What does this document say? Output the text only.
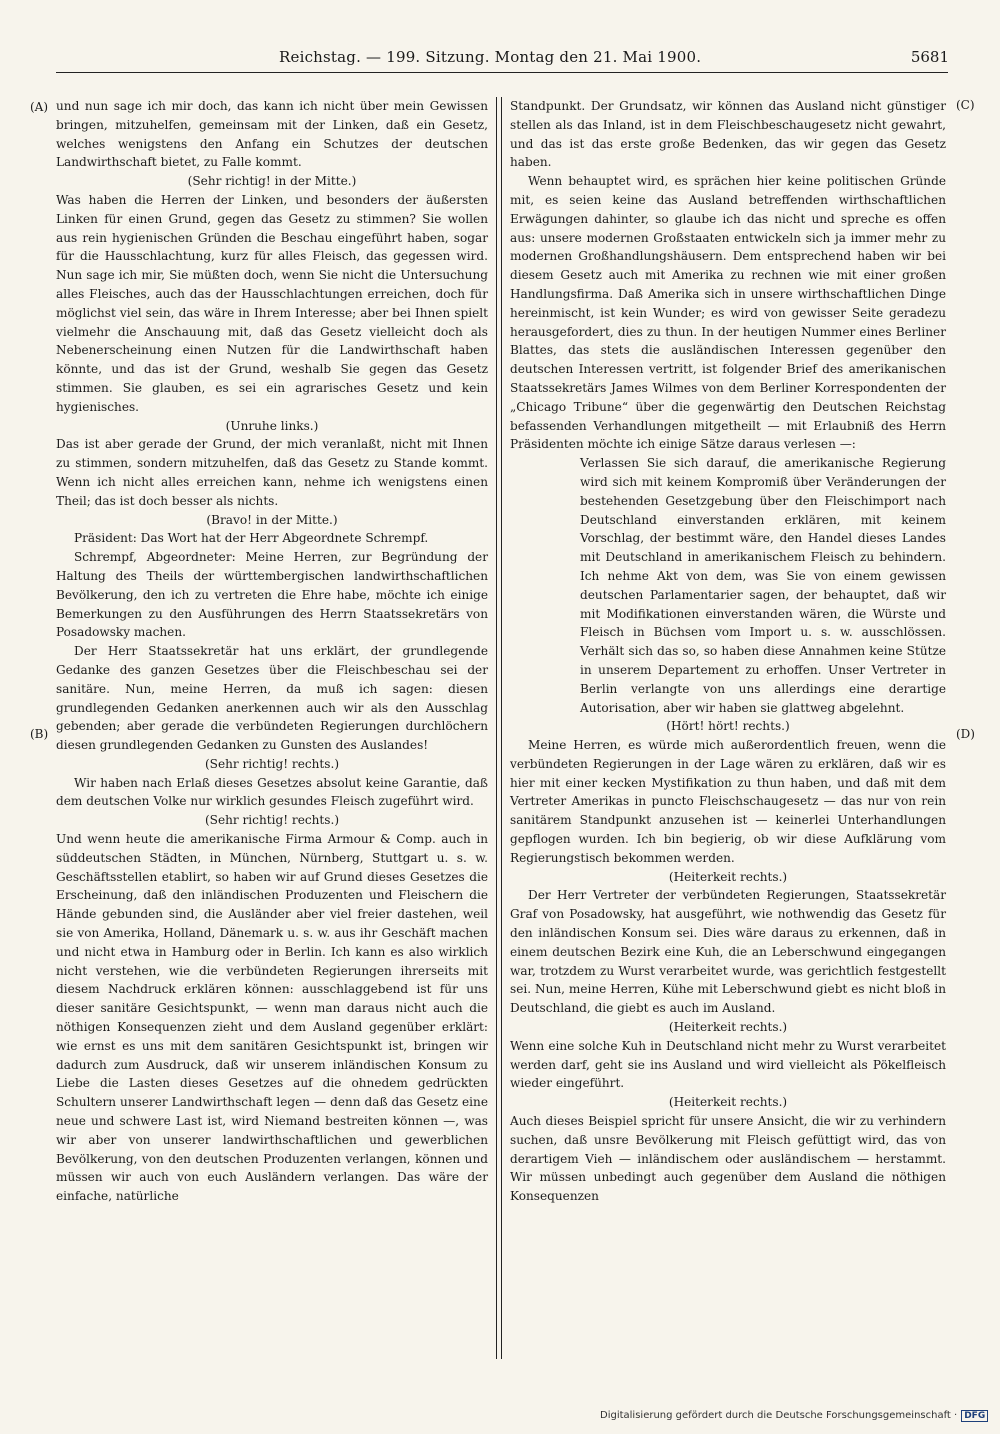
Reichstag. — 199. Sitzung. Montag den 21. Mai 1900.	5681
(A)
(B)
(C)
(D)

und nun sage ich mir doch, das kann ich nicht über mein Gewissen bringen, mitzuhelfen, gemeinsam mit der Linken, daß ein Gesetz, welches wenigstens den Anfang ein Schutzes der deutschen Landwirthschaft bietet, zu Falle kommt.

(Sehr richtig! in der Mitte.)

Was haben die Herren der Linken, und besonders der äußersten Linken für einen Grund, gegen das Gesetz zu stimmen? Sie wollen aus rein hygienischen Gründen die Beschau eingeführt haben, sogar für die Hausschlachtung, kurz für alles Fleisch, das gegessen wird. Nun sage ich mir, Sie müßten doch, wenn Sie nicht die Untersuchung alles Fleisches, auch das der Hausschlachtungen erreichen, doch für möglichst viel sein, das wäre in Ihrem Interesse; aber bei Ihnen spielt vielmehr die Anschauung mit, daß das Gesetz vielleicht doch als Nebenerscheinung einen Nutzen für die Landwirthschaft haben könnte, und das ist der Grund, weshalb Sie gegen das Gesetz stimmen. Sie glauben, es sei ein agrarisches Gesetz und kein hygienisches.

(Unruhe links.)

Das ist aber gerade der Grund, der mich veranlaßt, nicht mit Ihnen zu stimmen, sondern mitzuhelfen, daß das Gesetz zu Stande kommt. Wenn ich nicht alles erreichen kann, nehme ich wenigstens einen Theil; das ist doch besser als nichts.

(Bravo! in der Mitte.)

Präsident: Das Wort hat der Herr Abgeordnete Schrempf.

Schrempf, Abgeordneter: Meine Herren, zur Begründung der Haltung des Theils der württembergischen landwirthschaftlichen Bevölkerung, den ich zu vertreten die Ehre habe, möchte ich einige Bemerkungen zu den Ausführungen des Herrn Staatssekretärs von Posadowsky machen.

Der Herr Staatssekretär hat uns erklärt, der grundlegende Gedanke des ganzen Gesetzes über die Fleischbeschau sei der sanitäre. Nun, meine Herren, da muß ich sagen: diesen grundlegenden Gedanken anerkennen auch wir als den Ausschlag gebenden; aber gerade die verbündeten Regierungen durchlöchern diesen grundlegenden Gedanken zu Gunsten des Auslandes!

(Sehr richtig! rechts.)

Wir haben nach Erlaß dieses Gesetzes absolut keine Garantie, daß dem deutschen Volke nur wirklich gesundes Fleisch zugeführt wird.

(Sehr richtig! rechts.)

Und wenn heute die amerikanische Firma Armour & Comp. auch in süddeutschen Städten, in München, Nürnberg, Stuttgart u. s. w. Geschäftsstellen etablirt, so haben wir auf Grund dieses Gesetzes die Erscheinung, daß den inländischen Produzenten und Fleischern die Hände gebunden sind, die Ausländer aber viel freier dastehen, weil sie von Amerika, Holland, Dänemark u. s. w. aus ihr Geschäft machen und nicht etwa in Hamburg oder in Berlin. Ich kann es also wirklich nicht verstehen, wie die verbündeten Regierungen ihrerseits mit diesem Nachdruck erklären können: ausschlaggebend ist für uns dieser sanitäre Gesichtspunkt, — wenn man daraus nicht auch die nöthigen Konsequenzen zieht und dem Ausland gegenüber erklärt: wie ernst es uns mit dem sanitären Gesichtspunkt ist, bringen wir dadurch zum Ausdruck, daß wir unserem inländischen Konsum zu Liebe die Lasten dieses Gesetzes auf die ohnedem gedrückten Schultern unserer Landwirthschaft legen — denn daß das Gesetz eine neue und schwere Last ist, wird Niemand bestreiten können —, was wir aber von unserer landwirthschaftlichen und gewerblichen Bevölkerung, von den deutschen Produzenten verlangen, können und müssen wir auch von euch Ausländern verlangen. Das wäre der einfache, natürliche

Standpunkt. Der Grundsatz, wir können das Ausland nicht günstiger stellen als das Inland, ist in dem Fleischbeschaugesetz nicht gewahrt, und das ist das erste große Bedenken, das wir gegen das Gesetz haben.

Wenn behauptet wird, es sprächen hier keine politischen Gründe mit, es seien keine das Ausland betreffenden wirthschaftlichen Erwägungen dahinter, so glaube ich das nicht und spreche es offen aus: unsere modernen Großstaaten entwickeln sich ja immer mehr zu modernen Großhandlungshäusern. Dem entsprechend haben wir bei diesem Gesetz auch mit Amerika zu rechnen wie mit einer großen Handlungsfirma. Daß Amerika sich in unsere wirthschaftlichen Dinge hereinmischt, ist kein Wunder; es wird von gewisser Seite geradezu herausgefordert, dies zu thun. In der heutigen Nummer eines Berliner Blattes, das stets die ausländischen Interessen gegenüber den deutschen Interessen vertritt, ist folgender Brief des amerikanischen Staatssekretärs James Wilmes von dem Berliner Korrespondenten der „Chicago Tribune“ über die gegenwärtig den Deutschen Reichstag befassenden Verhandlungen mitgetheilt — mit Erlaubniß des Herrn Präsidenten möchte ich einige Sätze daraus verlesen —:

Verlassen Sie sich darauf, die amerikanische Regierung wird sich mit keinem Kompromiß über Veränderungen der bestehenden Gesetzgebung über den Fleischimport nach Deutschland einverstanden erklären, mit keinem Vorschlag, der bestimmt wäre, den Handel dieses Landes mit Deutschland in amerikanischem Fleisch zu behindern. Ich nehme Akt von dem, was Sie von einem gewissen deutschen Parlamentarier sagen, der behauptet, daß wir mit Modifikationen einverstanden wären, die Würste und Fleisch in Büchsen vom Import u. s. w. ausschlössen. Verhält sich das so, so haben diese Annahmen keine Stütze in unserem Departement zu erhoffen. Unser Vertreter in Berlin verlangte von uns allerdings eine derartige Autorisation, aber wir haben sie glattweg abgelehnt.

(Hört! hört! rechts.)

Meine Herren, es würde mich außerordentlich freuen, wenn die verbündeten Regierungen in der Lage wären zu erklären, daß wir es hier mit einer kecken Mystifikation zu thun haben, und daß mit dem Vertreter Amerikas in puncto Fleischschaugesetz — das nur von rein sanitärem Standpunkt anzusehen ist — keinerlei Unterhandlungen gepflogen wurden. Ich bin begierig, ob wir diese Aufklärung vom Regierungstisch bekommen werden.

(Heiterkeit rechts.)

Der Herr Vertreter der verbündeten Regierungen, Staatssekretär Graf von Posadowsky, hat ausgeführt, wie nothwendig das Gesetz für den inländischen Konsum sei. Dies wäre daraus zu erkennen, daß in einem deutschen Bezirk eine Kuh, die an Leberschwund eingegangen war, trotzdem zu Wurst verarbeitet wurde, was gerichtlich festgestellt sei. Nun, meine Herren, Kühe mit Leberschwund giebt es nicht bloß in Deutschland, die giebt es auch im Ausland.

(Heiterkeit rechts.)

Wenn eine solche Kuh in Deutschland nicht mehr zu Wurst verarbeitet werden darf, geht sie ins Ausland und wird vielleicht als Pökelfleisch wieder eingeführt.

(Heiterkeit rechts.)

Auch dieses Beispiel spricht für unsere Ansicht, die wir zu verhindern suchen, daß unsre Bevölkerung mit Fleisch gefüttigt wird, das von derartigem Vieh — inländischem oder ausländischem — herstammt. Wir müssen unbedingt auch gegenüber dem Ausland die nöthigen Konsequenzen

Digitalisierung gefördert durch die Deutsche Forschungsgemeinschaft · DFG
